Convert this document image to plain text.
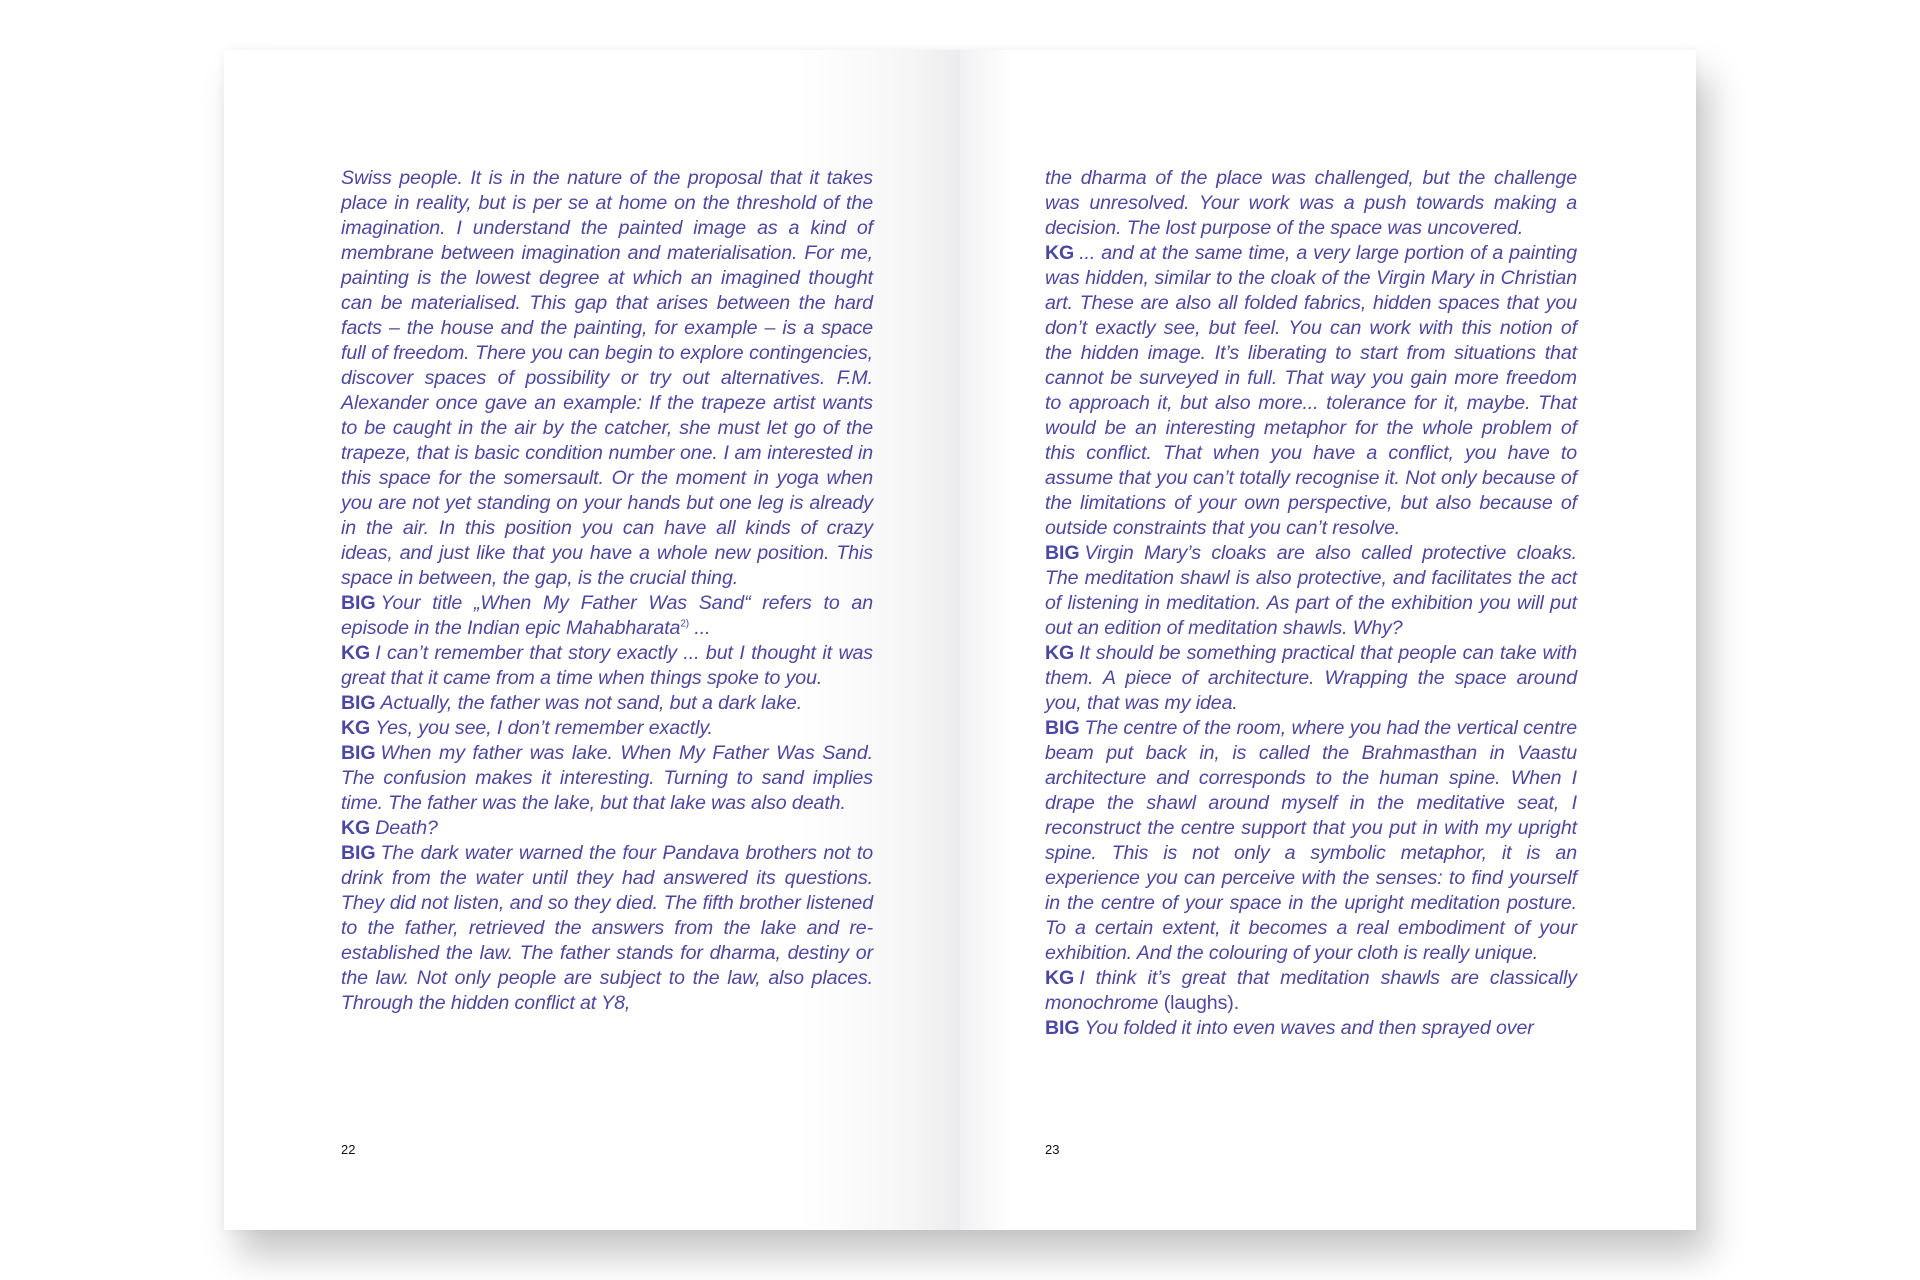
Swiss people. It is in the nature of the proposal that it takes place in reality, but is per se at home on the threshold of the imagination. I understand the painted image as a kind of membrane between imagination and materialisation. For me, painting is the lowest degree at which an imagined thought can be materialised. This gap that arises between the hard facts – the house and the painting, for example – is a space full of freedom. There you can begin to explore contingencies, discover spaces of possibility or try out alternatives. F.M. Alexander once gave an example: If the trapeze artist wants to be caught in the air by the catcher, she must let go of the trapeze, that is basic condition number one. I am interested in this space for the somersault. Or the moment in yoga when you are not yet standing on your hands but one leg is already in the air. In this position you can have all kinds of crazy ideas, and just like that you have a whole new position. This space in between, the gap, is the crucial thing.
BIG Your title „When My Father Was Sand“ refers to an episode in the Indian epic Mahabharata$^{2)}$ ...
KG I can’t remember that story exactly ... but I thought it was great that it came from a time when things spoke to you.
BIG Actually, the father was not sand, but a dark lake.
KG Yes, you see, I don’t remember exactly.
BIG When my father was lake. When My Father Was Sand. The confusion makes it interesting. Turning to sand implies time. The father was the lake, but that lake was also death.
KG Death?
BIG The dark water warned the four Pandava brothers not to drink from the water until they had answered its questions. They did not listen, and so they died. The fifth brother listened to the father, retrieved the answers from the lake and re-established the law. The father stands for dharma, destiny or the law. Not only people are subject to the law, also places. Through the hidden conflict at Y8,
22
the dharma of the place was challenged, but the challenge was unresolved. Your work was a push towards making a decision. The lost purpose of the space was uncovered.
KG ... and at the same time, a very large portion of a painting was hidden, similar to the cloak of the Virgin Mary in Christian art. These are also all folded fabrics, hidden spaces that you don’t exactly see, but feel. You can work with this notion of the hidden image. It’s liberating to start from situations that cannot be surveyed in full. That way you gain more freedom to approach it, but also more... tolerance for it, maybe. That would be an interesting metaphor for the whole problem of this conflict. That when you have a conflict, you have to assume that you can’t totally recognise it. Not only because of the limitations of your own perspective, but also because of outside constraints that you can’t resolve.
BIG Virgin Mary’s cloaks are also called protective cloaks. The meditation shawl is also protective, and facilitates the act of listening in meditation. As part of the exhibition you will put out an edition of meditation shawls. Why?
KG It should be something practical that people can take with them. A piece of architecture. Wrapping the space around you, that was my idea.
BIG The centre of the room, where you had the vertical centre beam put back in, is called the Brahmasthan in Vaastu architecture and corresponds to the human spine. When I drape the shawl around myself in the meditative seat, I reconstruct the centre support that you put in with my upright spine. This is not only a symbolic metaphor, it is an experience you can perceive with the senses: to find yourself in the centre of your space in the upright meditation posture. To a certain extent, it becomes a real embodiment of your exhibition. And the colouring of your cloth is really unique.
KG I think it’s great that meditation shawls are classically monochrome (laughs).
BIG You folded it into even waves and then sprayed over
23
